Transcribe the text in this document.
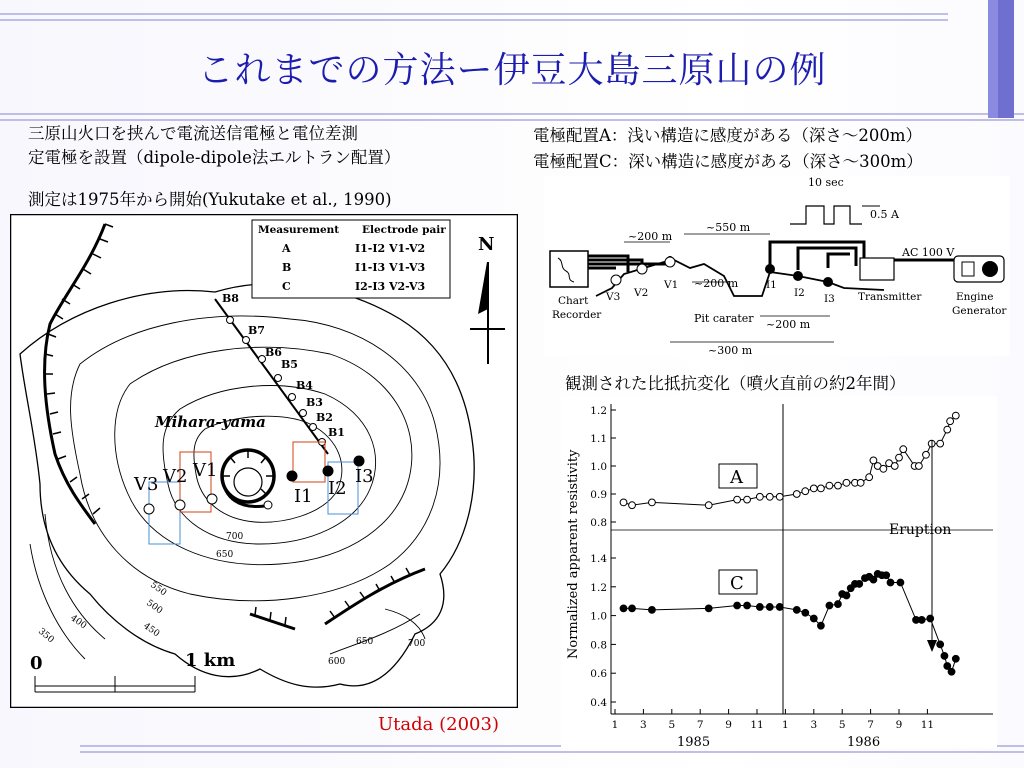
これまでの方法ー伊豆大島三原山の例
三原山火口を挟んで電流送信電極と電位差測
定電極を設置（dipole-dipole法エルトラン配置）
測定は1975年から開始(Yukutake et al., 1990)
電極配置A：浅い構造に感度がある（深さ～200m）
電極配置C：深い構造に感度がある（深さ～300m）
観測された比抵抗変化（噴火直前の約2年間）
B8
B7
B6
B5
B4
B3
B2
B1
Mihara-yama
Measurement Electrode pair
A	I1-I2 V1-V2
B	I1-I3 V1-V3
C	I2-I3 V2-V3
N
V3 V2 V1
I1 I2
I3
700
650
550
500
450
400
350	650	700
600
0	1 km
10 sec
0.5 A
Chart
Recorder
V3 V2
V1	I1
I2 I3
~200 m
~550 m
~200 m
~200 m
~300 m
Pit carater
Transmitter
AC 100 V
Engine
Generator
Normalized apparent resistivity 0.8
0.9
1.0
1.1
1.2
0.4
0.6
0.8
1.0
1.2
1.4
1 3 5 7 9 11 1 3 5 7 9 11
A
C
Eruption
1985	1986
Utada (2003)
